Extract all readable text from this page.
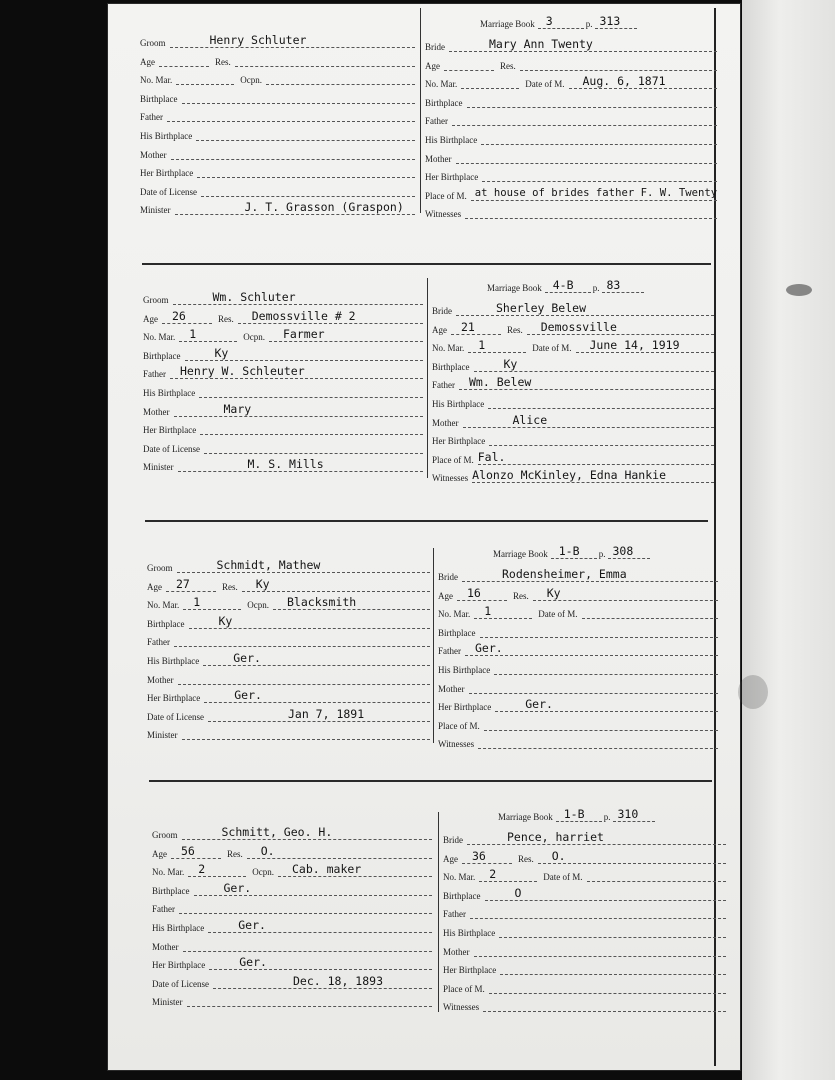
Groom	Henry Schluter
Age	Res.
No. Mar.	Ocpn.
Birthplace
Father
His Birthplace
Mother
Her Birthplace
Date of License
Minister	J. T. Grasson (Graspon)
Marriage Book 3	p. 313
Bride	Mary Ann Twenty
Age	Res.
No. Mar.	Date of M. Aug. 6, 1871
Birthplace
Father
His Birthplace
Mother
Her Birthplace
Place of M. at house of brides father F. W. Twenty
Witnesses
Groom	Wm. Schluter
Age 26	Res. Demossville # 2
No. Mar. 1	Ocpn. Farmer
Birthplace	Ky
Father Henry W. Schleuter
His Birthplace
Mother	Mary
Her Birthplace
Date of License
Minister	M. S. Mills
Marriage Book 4-B p. 83
Bride	Sherley Belew
Age 21	Res. Demossville
No. Mar. 1	Date of M. June 14, 1919
Birthplace	Ky
Father Wm. Belew
His Birthplace
Mother	Alice
Her Birthplace
Place of M. Fal.
Witnesses Alonzo McKinley, Edna Hankie
Groom	Schmidt, Mathew
Age 27	Res. Ky
No. Mar. 1	Ocpn. Blacksmith
Birthplace	Ky
Father
His Birthplace	Ger.
Mother
Her Birthplace	Ger.
Date of License	Jan 7, 1891
Minister
Marriage Book 1-B p. 308
Bride	Rodensheimer, Emma
Age 16	Res. Ky
No. Mar. 1	Date of M.
Birthplace
Father Ger.
His Birthplace
Mother
Her Birthplace	Ger.
Place of M.
Witnesses
Groom	Schmitt, Geo. H.
Age 56	Res. O.
No. Mar. 2	Ocpn. Cab. maker
Birthplace	Ger.
Father
His Birthplace	Ger.
Mother
Her Birthplace	Ger.
Date of License	Dec. 18, 1893
Minister
Marriage Book 1-B p. 310
Bride	Pence, harriet
Age 36	Res. O.
No. Mar. 2	Date of M.
Birthplace	O
Father
His Birthplace
Mother
Her Birthplace
Place of M.
Witnesses
